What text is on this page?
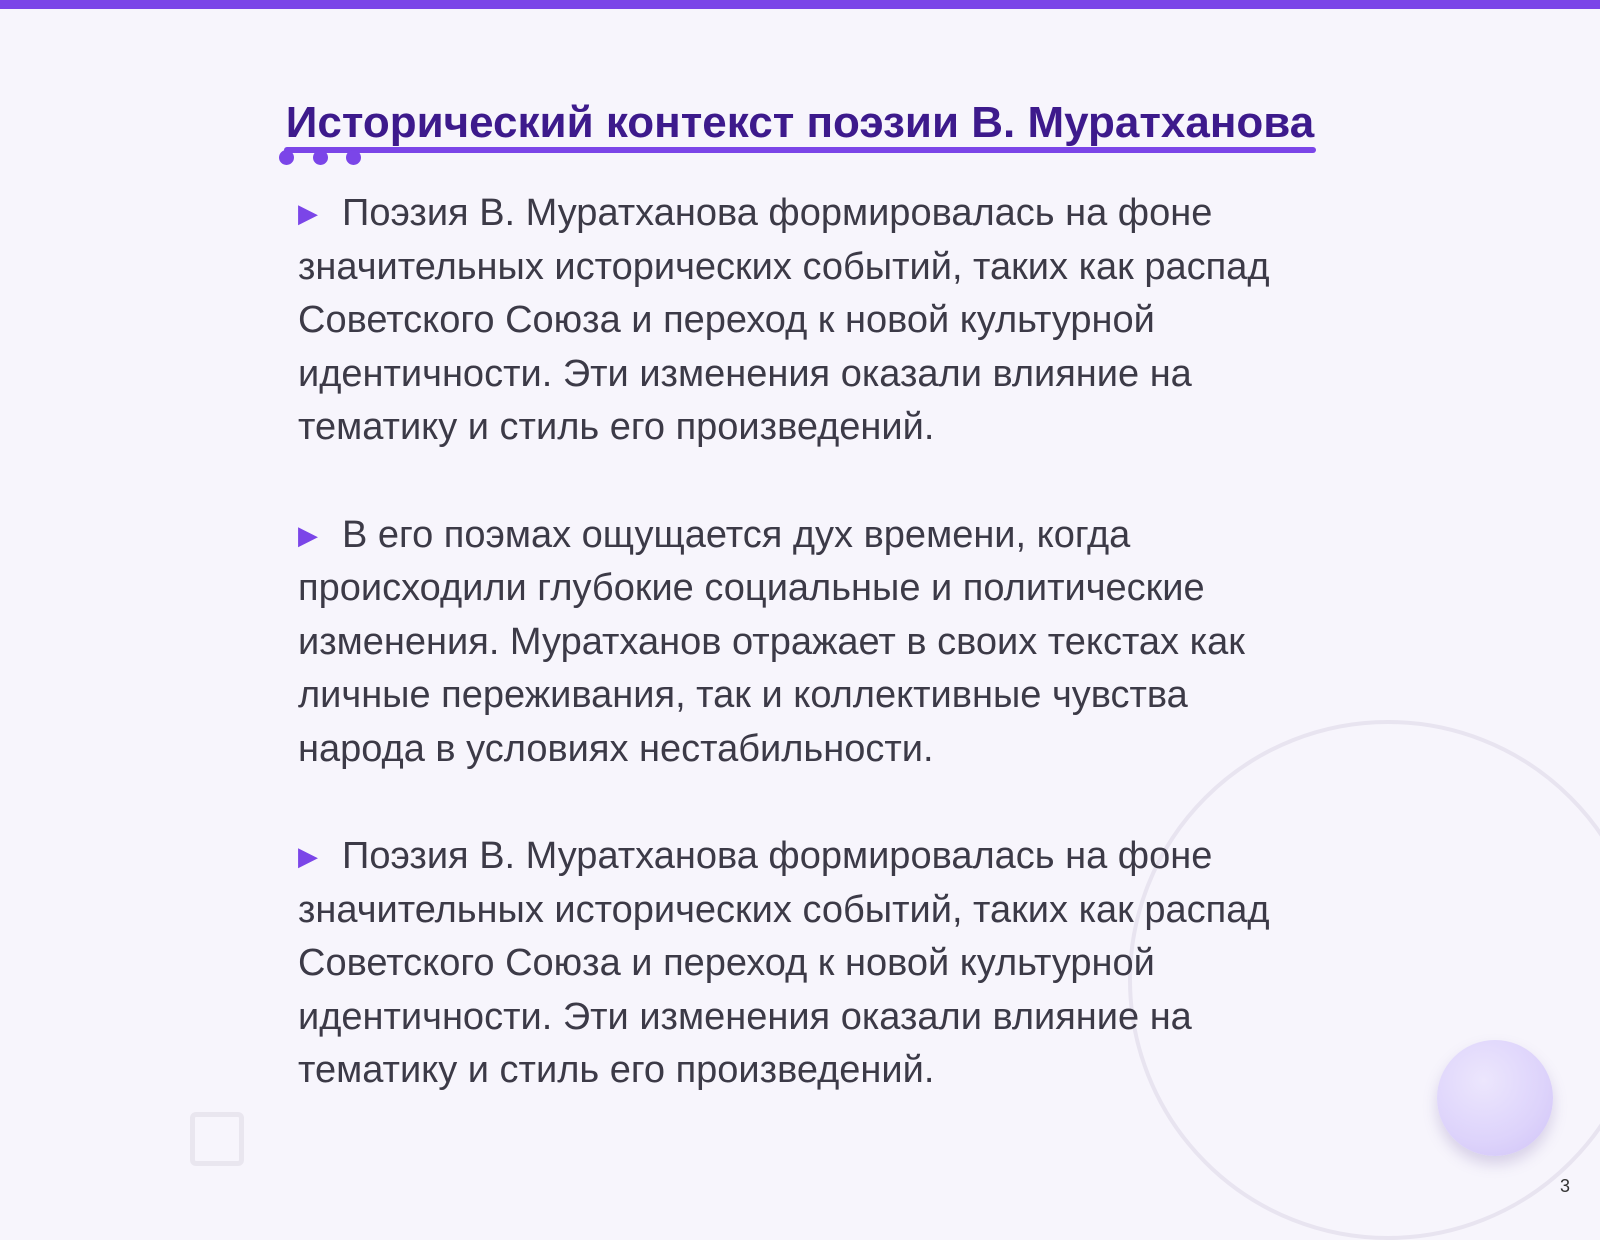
Исторический контекст поэзии В. Муратханова

▶ Поэзия В. Муратханова формировалась на фоне значительных исторических событий, таких как распад Советского Союза и переход к новой культурной идентичности. Эти изменения оказали влияние на тематику и стиль его произведений.

▶ В его поэмах ощущается дух времени, когда происходили глубокие социальные и политические изменения. Муратханов отражает в своих текстах как личные переживания, так и коллективные чувства народа в условиях нестабильности.

▶ Поэзия В. Муратханова формировалась на фоне значительных исторических событий, таких как распад Советского Союза и переход к новой культурной идентичности. Эти изменения оказали влияние на тематику и стиль его произведений.

3
